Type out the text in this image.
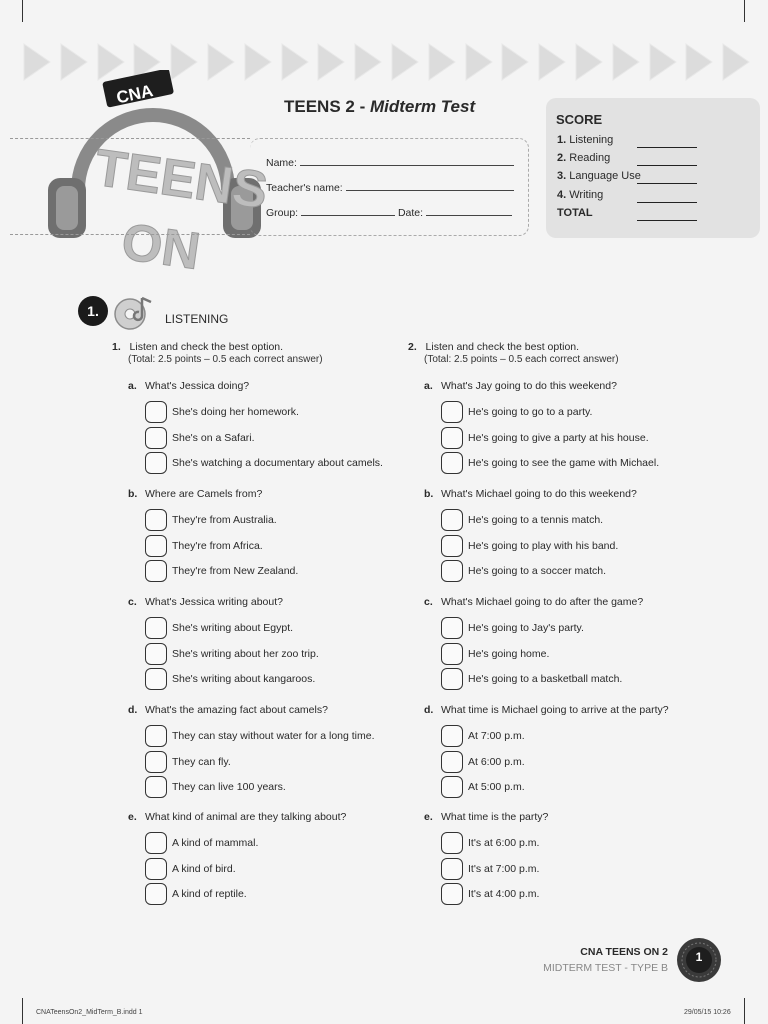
CNA
TEENS
ON
TEENS 2 - Midterm Test
Name:
Teacher's name:
Group:	Date:
SCORE
1. Listening
2. Reading
3. Language Use
4. Writing
TOTAL
1.	LISTENING
1. Listen and check the best option.
(Total: 2.5 points – 0.5 each correct answer)
a. What's Jessica doing?
She's doing her homework.
She's on a Safari.
She's watching a documentary about camels.
b. Where are Camels from?
They're from Australia.
They're from Africa.
They're from New Zealand.
c. What's Jessica writing about?
She's writing about Egypt.
She's writing about her zoo trip.
She's writing about kangaroos.
d. What's the amazing fact about camels?
They can stay without water for a long time.
They can fly.
They can live 100 years.
e. What kind of animal are they talking about?
A kind of mammal.
A kind of bird.
A kind of reptile.
2. Listen and check the best option.
(Total: 2.5 points – 0.5 each correct answer)
a. What's Jay going to do this weekend?
He's going to go to a party.
He's going to give a party at his house.
He's going to see the game with Michael.
b. What's Michael going to do this weekend?
He's going to a tennis match.
He's going to play with his band.
He's going to a soccer match.
c. What's Michael going to do after the game?
He's going to Jay's party.
He's going home.
He's going to a basketball match.
d. What time is Michael going to arrive at the party?
At 7:00 p.m.
At 6:00 p.m.
At 5:00 p.m.
e. What time is the party?
It's at 6:00 p.m.
It's at 7:00 p.m.
It's at 4:00 p.m.
CNA TEENS ON 2
MIDTERM TEST - TYPE B
1
CNATeensOn2_MidTerm_B.indd 1	29/05/15 10:26
